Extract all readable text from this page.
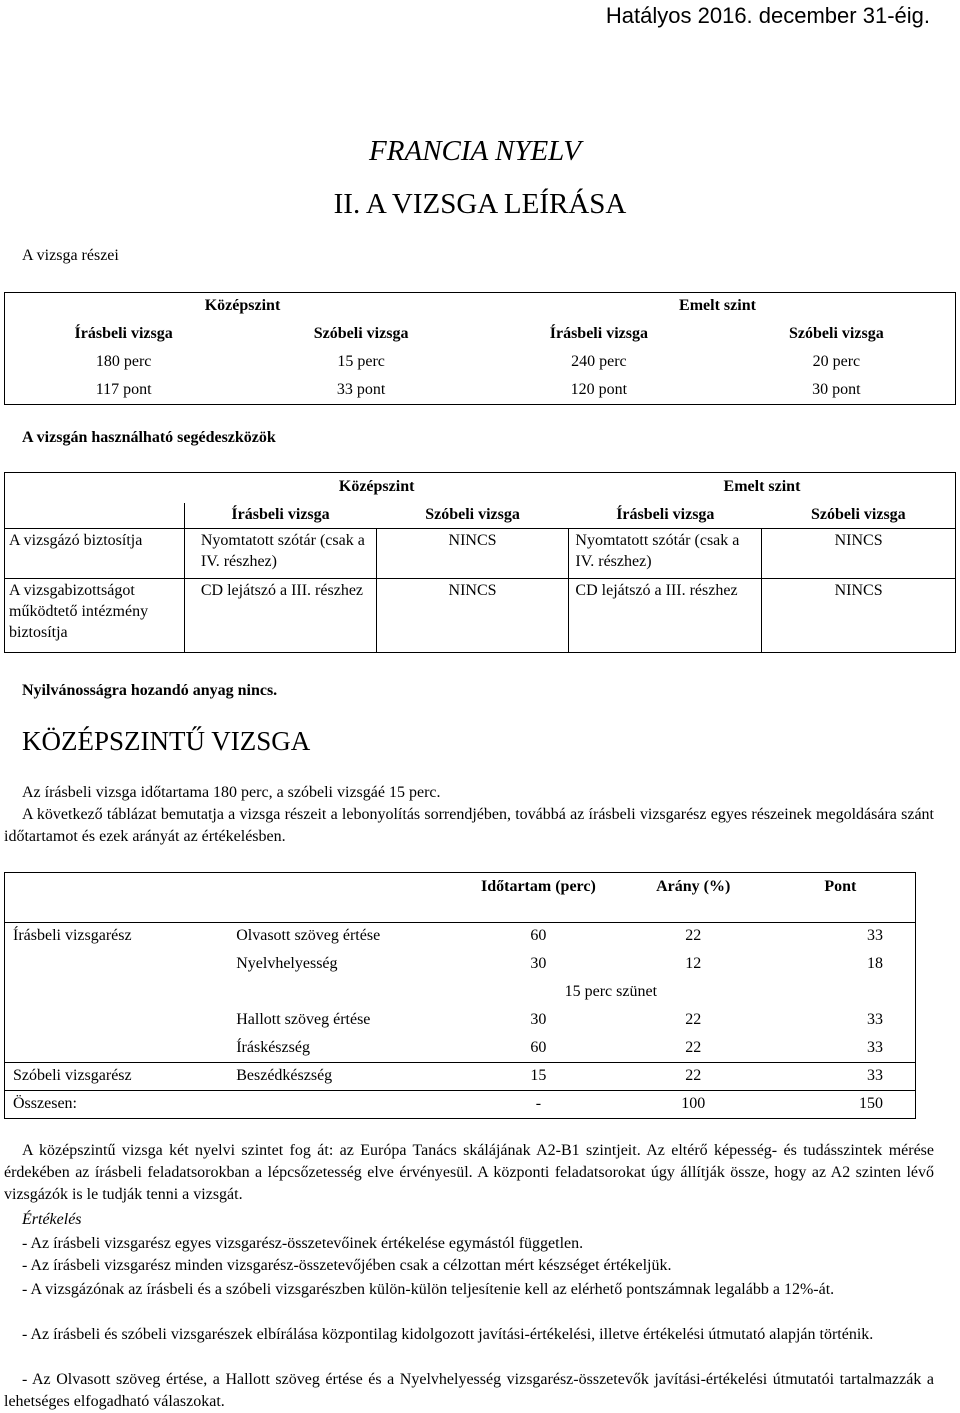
Hatályos 2016. december 31-éig.
FRANCIA NYELV
II. A VIZSGA LEÍRÁSA
A vizsga részei
Középszint		Emelt szint	
Írásbeli vizsga	Szóbeli vizsga	Írásbeli vizsga	Szóbeli vizsga
180 perc	15 perc	240 perc	20 perc
117 pont	33 pont	120 pont	30 pont
A vizsgán használható segédeszközök
	Középszint		Emelt szint	
	Írásbeli vizsga	Szóbeli vizsga	Írásbeli vizsga	Szóbeli vizsga
A vizsgázó biztosítja	Nyomtatott szótár (csak a IV. részhez)	NINCS	Nyomtatott szótár (csak a IV. részhez)	NINCS
A vizsgabizottságot működtető intézmény biztosítja	CD lejátszó a III. részhez	NINCS	CD lejátszó a III. részhez	NINCS
Nyilvánosságra hozandó anyag nincs.
KÖZÉPSZINTŰ VIZSGA
Az írásbeli vizsga időtartama 180 perc, a szóbeli vizsgáé 15 perc.
A következő táblázat bemutatja a vizsga részeit a lebonyolítás sorrendjében, továbbá az írásbeli vizsgarész egyes részeinek megoldására szánt időtartamot és ezek arányát az értékelésben.
		Időtartam (perc)	Arány (%)	Pont
Írásbeli vizsgarész	Olvasott szöveg értése	60	22	33
	Nyelvhelyesség	30	12	18
		15 perc szünet		
	Hallott szöveg értése	30	22	33
	Íráskészség	60	22	33
Szóbeli vizsgarész	Beszédkészség	15	22	33
Összesen:		-	100	150
A középszintű vizsga két nyelvi szintet fog át: az Európa Tanács skálájának A2-B1 szintjeit. Az eltérő képesség- és tudásszintek mérése érdekében az írásbeli feladatsorokban a lépcsőzetesség elve érvényesül. A központi feladatsorokat úgy állítják össze, hogy az A2 szinten lévő vizsgázók is le tudják tenni a vizsgát.
Értékelés
- Az írásbeli vizsgarész egyes vizsgarész-összetevőinek értékelése egymástól független.
- Az írásbeli vizsgarész minden vizsgarész-összetevőjében csak a célzottan mért készséget értékeljük.
- A vizsgázónak az írásbeli és a szóbeli vizsgarészben külön-külön teljesítenie kell az elérhető pontszámnak legalább a 12%-át.
- Az írásbeli és szóbeli vizsgarészek elbírálása központilag kidolgozott javítási-értékelési, illetve értékelési útmutató alapján történik.
- Az Olvasott szöveg értése, a Hallott szöveg értése és a Nyelvhelyesség vizsgarész-összetevők javítási-értékelési útmutatói tartalmazzák a lehetséges elfogadható válaszokat.
